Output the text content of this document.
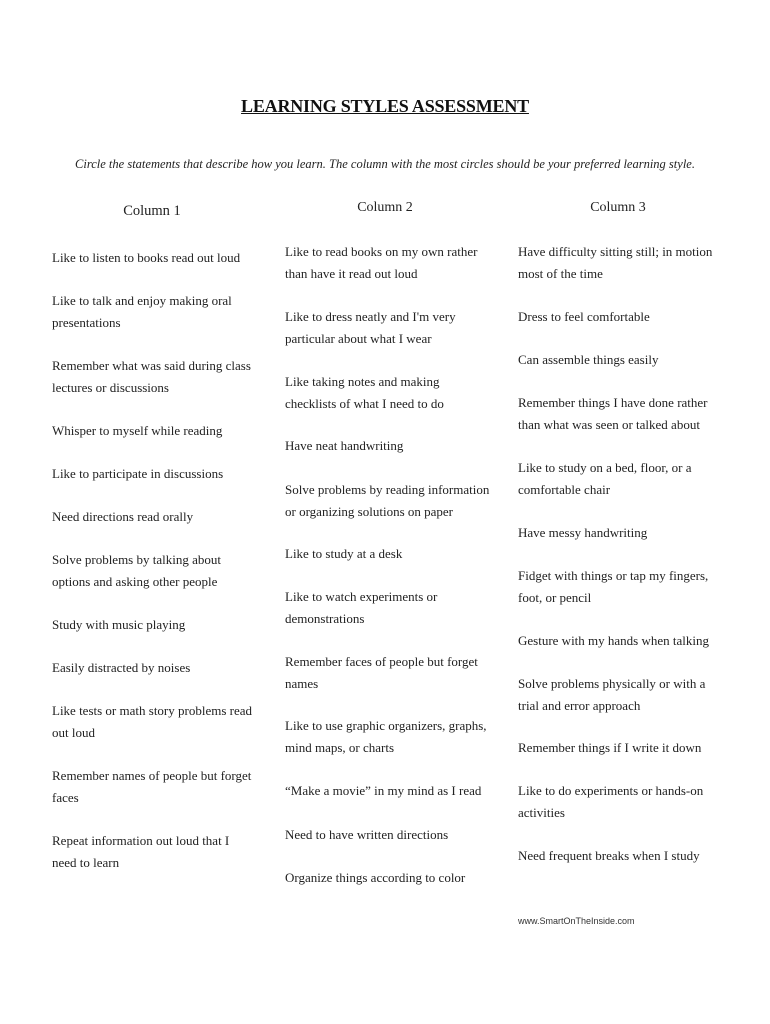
LEARNING STYLES ASSESSMENT
Circle the statements that describe how you learn. The column with the most circles should be your preferred learning style.
Column 1	Column 2	Column 3
Like to listen to books read out loud
Like to talk and enjoy making oral presentations
Remember what was said during class lectures or discussions
Whisper to myself while reading
Like to participate in discussions
Need directions read orally
Solve problems by talking about options and asking other people
Study with music playing
Easily distracted by noises
Like tests or math story problems read out loud
Remember names of people but forget faces
Repeat information out loud that I need to learn
Like to read books on my own rather than have it read out loud
Like to dress neatly and I'm very particular about what I wear
Like taking notes and making checklists of what I need to do
Have neat handwriting
Solve problems by reading information or organizing solutions on paper
Like to study at a desk
Like to watch experiments or demonstrations
Remember faces of people but forget names
Like to use graphic organizers, graphs, mind maps, or charts
“Make a movie” in my mind as I read
Need to have written directions
Organize things according to color
Have difficulty sitting still; in motion most of the time
Dress to feel comfortable
Can assemble things easily
Remember things I have done rather than what was seen or talked about
Like to study on a bed, floor, or a comfortable chair
Have messy handwriting
Fidget with things or tap my fingers, foot, or pencil
Gesture with my hands when talking
Solve problems physically or with a trial and error approach
Remember things if I write it down
Like to do experiments or hands-on activities
Need frequent breaks when I study
www.SmartOnTheInside.com
